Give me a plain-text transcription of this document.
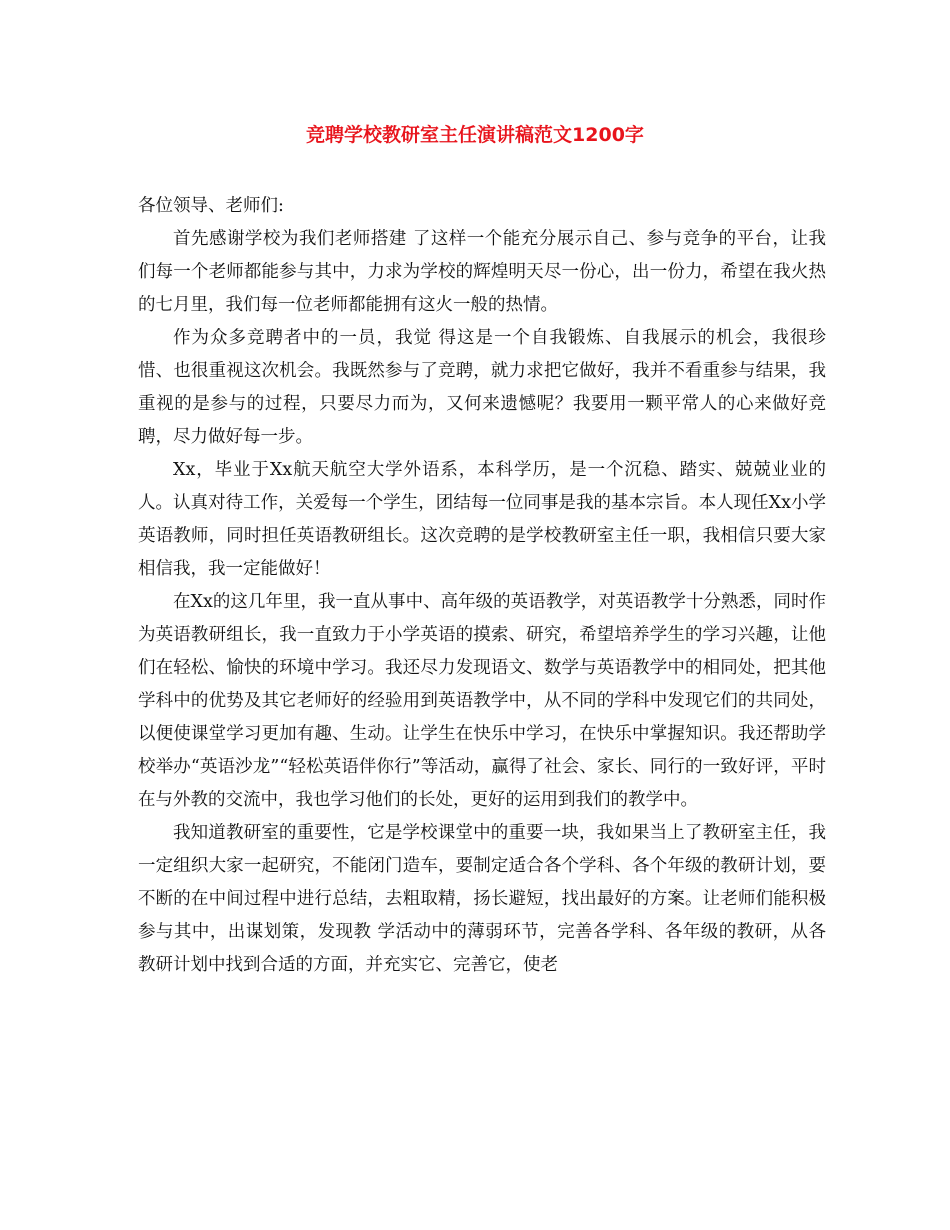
竞聘学校教研室主任演讲稿范文1200字

各位领导、老师们:

首先感谢学校为我们老师搭建 了这样一个能充分展示自己、参与竞争的平台，让我们每一个老师都能参与其中，力求为学校的辉煌明天尽一份心，出一份力，希望在我火热的七月里，我们每一位老师都能拥有这火一般的热情。

作为众多竞聘者中的一员，我觉 得这是一个自我锻炼、自我展示的机会，我很珍惜、也很重视这次机会。我既然参与了竞聘，就力求把它做好，我并不看重参与结果，我重视的是参与的过程，只要尽力而为，又何来遗憾呢？我要用一颗平常人的心来做好竞聘，尽力做好每一步。

Xx，毕业于Xx航天航空大学外语系，本科学历，是一个沉稳、踏实、兢兢业业的人。认真对待工作，关爱每一个学生，团结每一位同事是我的基本宗旨。本人现任Xx小学英语教师，同时担任英语教研组长。这次竞聘的是学校教研室主任一职，我相信只要大家相信我，我一定能做好！

在Xx的这几年里，我一直从事中、高年级的英语教学，对英语教学十分熟悉，同时作为英语教研组长，我一直致力于小学英语的摸索、研究，希望培养学生的学习兴趣，让他们在轻松、愉快的环境中学习。我还尽力发现语文、数学与英语教学中的相同处，把其他学科中的优势及其它老师好的经验用到英语教学中，从不同的学科中发现它们的共同处，以便使课堂学习更加有趣、生动。让学生在快乐中学习，在快乐中掌握知识。我还帮助学校举办“英语沙龙”“轻松英语伴你行”等活动，赢得了社会、家长、同行的一致好评，平时在与外教的交流中，我也学习他们的长处，更好的运用到我们的教学中。

我知道教研室的重要性，它是学校课堂中的重要一块，我如果当上了教研室主任，我一定组织大家一起研究，不能闭门造车，要制定适合各个学科、各个年级的教研计划，要不断的在中间过程中进行总结，去粗取精，扬长避短，找出最好的方案。让老师们能积极参与其中，出谋划策，发现教 学活动中的薄弱环节，完善各学科、各年级的教研，从各教研计划中找到合适的方面，并充实它、完善它，使老
